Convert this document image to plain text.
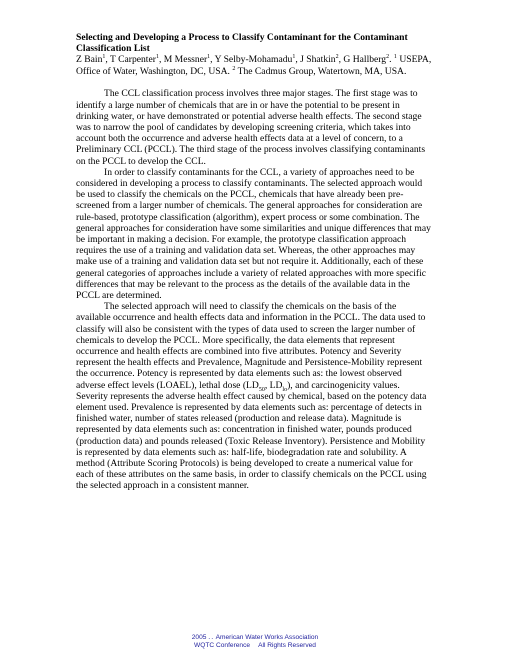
Selecting and Developing a Process to Classify Contaminant for the Contaminant Classification List

Z Bain$^1$, T Carpenter$^1$, M Messner$^1$, Y Selby-Mohamadu$^1$, J Shatkin$^2$, G Hallberg$^2$. $^1$ USEPA, Office of Water, Washington, DC, USA. $^2$ The Cadmus Group, Watertown, MA, USA.

The CCL classification process involves three major stages. The first stage was to identify a large number of chemicals that are in or have the potential to be present in drinking water, or have demonstrated or potential adverse health effects. The second stage was to narrow the pool of candidates by developing screening criteria, which takes into account both the occurrence and adverse health effects data at a level of concern, to a Preliminary CCL (PCCL). The third stage of the process involves classifying contaminants on the PCCL to develop the CCL.

In order to classify contaminants for the CCL, a variety of approaches need to be considered in developing a process to classify contaminants. The selected approach would be used to classify the chemicals on the PCCL, chemicals that have already been pre-screened from a larger number of chemicals. The general approaches for consideration are rule-based, prototype classification (algorithm), expert process or some combination. The general approaches for consideration have some similarities and unique differences that may be important in making a decision. For example, the prototype classification approach requires the use of a training and validation data set. Whereas, the other approaches may make use of a training and validation data set but not require it. Additionally, each of these general categories of approaches include a variety of related approaches with more specific differences that may be relevant to the process as the details of the available data in the PCCL are determined.

The selected approach will need to classify the chemicals on the basis of the available occurrence and health effects data and information in the PCCL. The data used to classify will also be consistent with the types of data used to screen the larger number of chemicals to develop the PCCL. More specifically, the data elements that represent occurrence and health effects are combined into five attributes. Potency and Severity represent the health effects and Prevalence, Magnitude and Persistence-Mobility represent the occurrence. Potency is represented by data elements such as: the lowest observed adverse effect levels (LOAEL), lethal dose ($LD_{50}$, $LD_{lo}$), and carcinogenicity values. Severity represents the adverse health effect caused by chemical, based on the potency data element used. Prevalence is represented by data elements such as: percentage of detects in finished water, number of states released (production and release data). Magnitude is represented by data elements such as: concentration in finished water, pounds produced (production data) and pounds released (Toxic Release Inventory). Persistence and Mobility is represented by data elements such as: half-life, biodegradation rate and solubility. A method (Attribute Scoring Protocols) is being developed to create a numerical value for each of these attributes on the same basis, in order to classify chemicals on the PCCL using the selected approach in a consistent manner.

2005 .. American Water Works Association
WQTC Conference All Rights Reserved
